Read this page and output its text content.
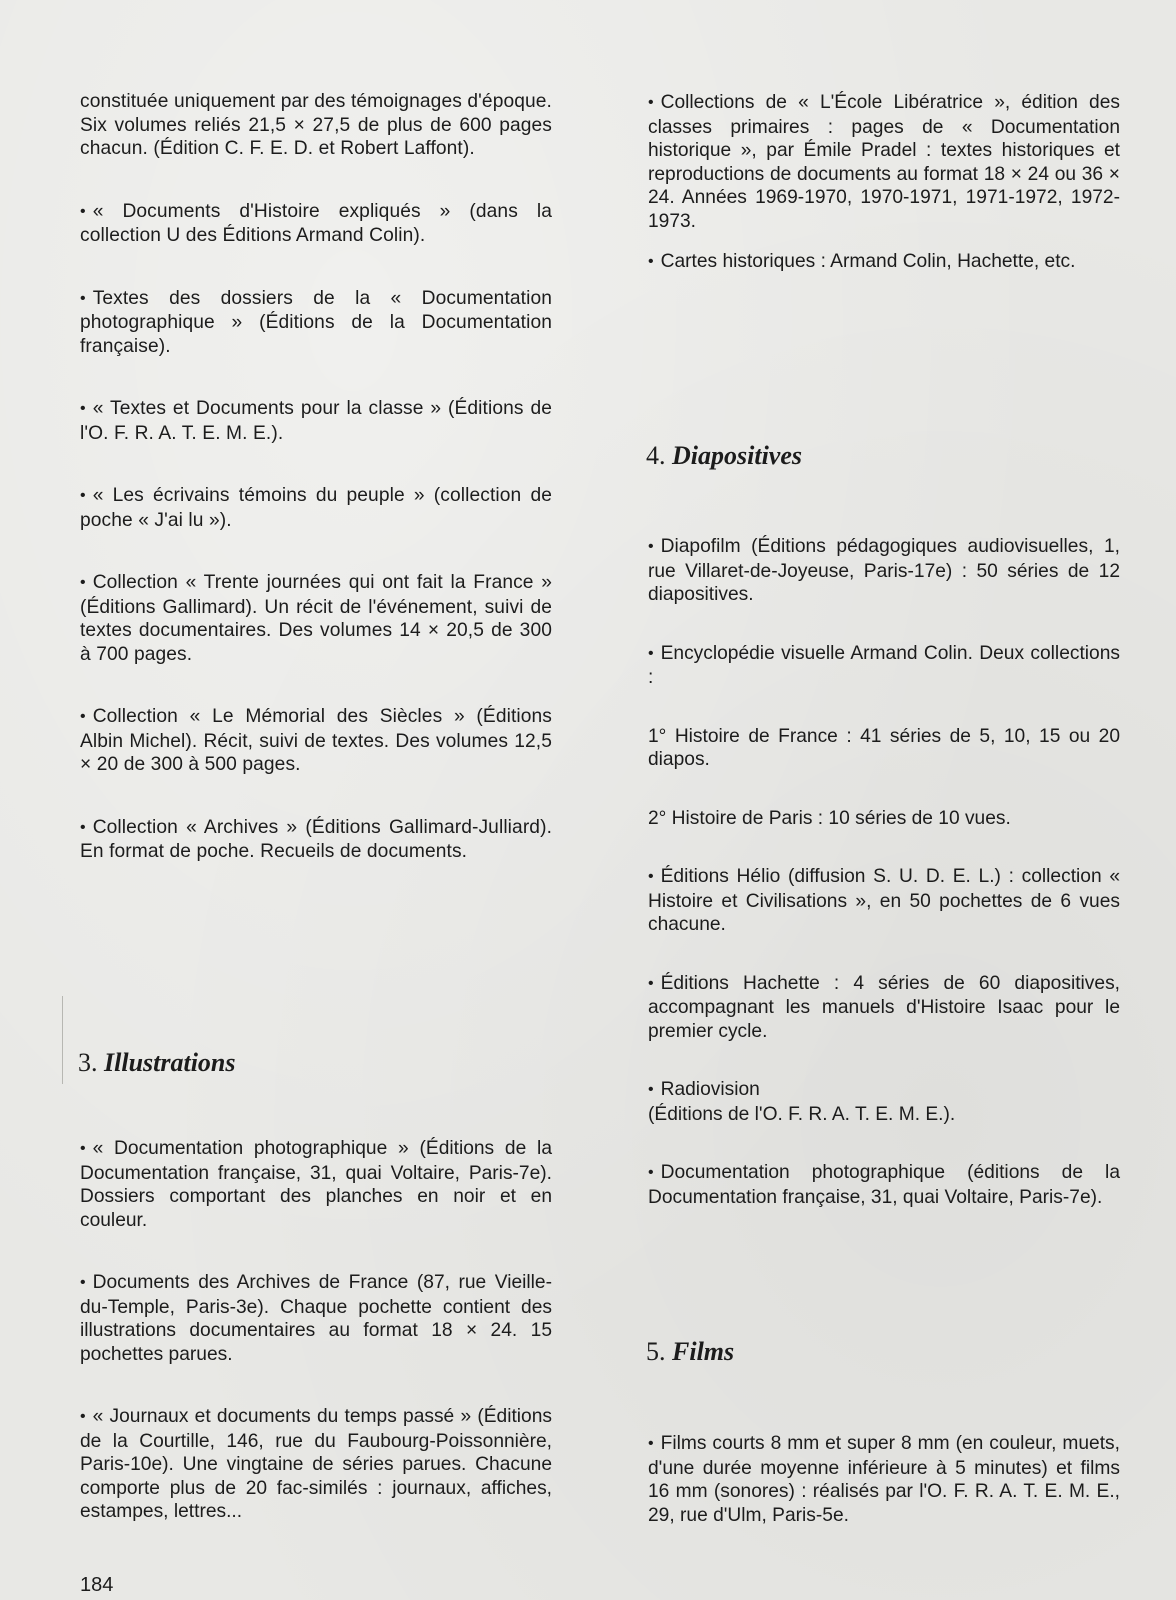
constituée uniquement par des témoignages d'époque. Six volumes reliés 21,5 × 27,5 de plus de 600 pages chacun. (Édition C. F. E. D. et Robert Laffont).

• « Documents d'Histoire expliqués » (dans la collection U des Éditions Armand Colin).

• Textes des dossiers de la « Documentation photographique » (Éditions de la Documentation française).

• « Textes et Documents pour la classe » (Éditions de l'O. F. R. A. T. E. M. E.).

• « Les écrivains témoins du peuple » (collection de poche « J'ai lu »).

• Collection « Trente journées qui ont fait la France » (Éditions Gallimard). Un récit de l'événement, suivi de textes documentaires. Des volumes 14 × 20,5 de 300 à 700 pages.

• Collection « Le Mémorial des Siècles » (Éditions Albin Michel). Récit, suivi de textes. Des volumes 12,5 × 20 de 300 à 500 pages.

• Collection « Archives » (Éditions Gallimard-Julliard). En format de poche. Recueils de documents.

3. Illustrations

• « Documentation photographique » (Éditions de la Documentation française, 31, quai Voltaire, Paris-7e). Dossiers comportant des planches en noir et en couleur.

• Documents des Archives de France (87, rue Vieille-du-Temple, Paris-3e). Chaque pochette contient des illustrations documentaires au format 18 × 24. 15 pochettes parues.

• « Journaux et documents du temps passé » (Éditions de la Courtille, 146, rue du Faubourg-Poissonnière, Paris-10e). Une vingtaine de séries parues. Chacune comporte plus de 20 fac-similés : journaux, affiches, estampes, lettres...

• Collections de « L'École Libératrice », édition des classes primaires : pages de « Documentation historique », par Émile Pradel : textes historiques et reproductions de documents au format 18 × 24 ou 36 × 24. Années 1969-1970, 1970-1971, 1971-1972, 1972-1973.

• Cartes historiques : Armand Colin, Hachette, etc.

4. Diapositives

• Diapofilm (Éditions pédagogiques audiovisuelles, 1, rue Villaret-de-Joyeuse, Paris-17e) : 50 séries de 12 diapositives.

• Encyclopédie visuelle Armand Colin. Deux collections :

1° Histoire de France : 41 séries de 5, 10, 15 ou 20 diapos.

2° Histoire de Paris : 10 séries de 10 vues.

• Éditions Hélio (diffusion S. U. D. E. L.) : collection « Histoire et Civilisations », en 50 pochettes de 6 vues chacune.

• Éditions Hachette : 4 séries de 60 diapositives, accompagnant les manuels d'Histoire Isaac pour le premier cycle.

• Radiovision

(Éditions de l'O. F. R. A. T. E. M. E.).

• Documentation photographique (éditions de la Documentation française, 31, quai Voltaire, Paris-7e).

5. Films

• Films courts 8 mm et super 8 mm (en couleur, muets, d'une durée moyenne inférieure à 5 minutes) et films 16 mm (sonores) : réalisés par l'O. F. R. A. T. E. M. E., 29, rue d'Ulm, Paris-5e.

184
